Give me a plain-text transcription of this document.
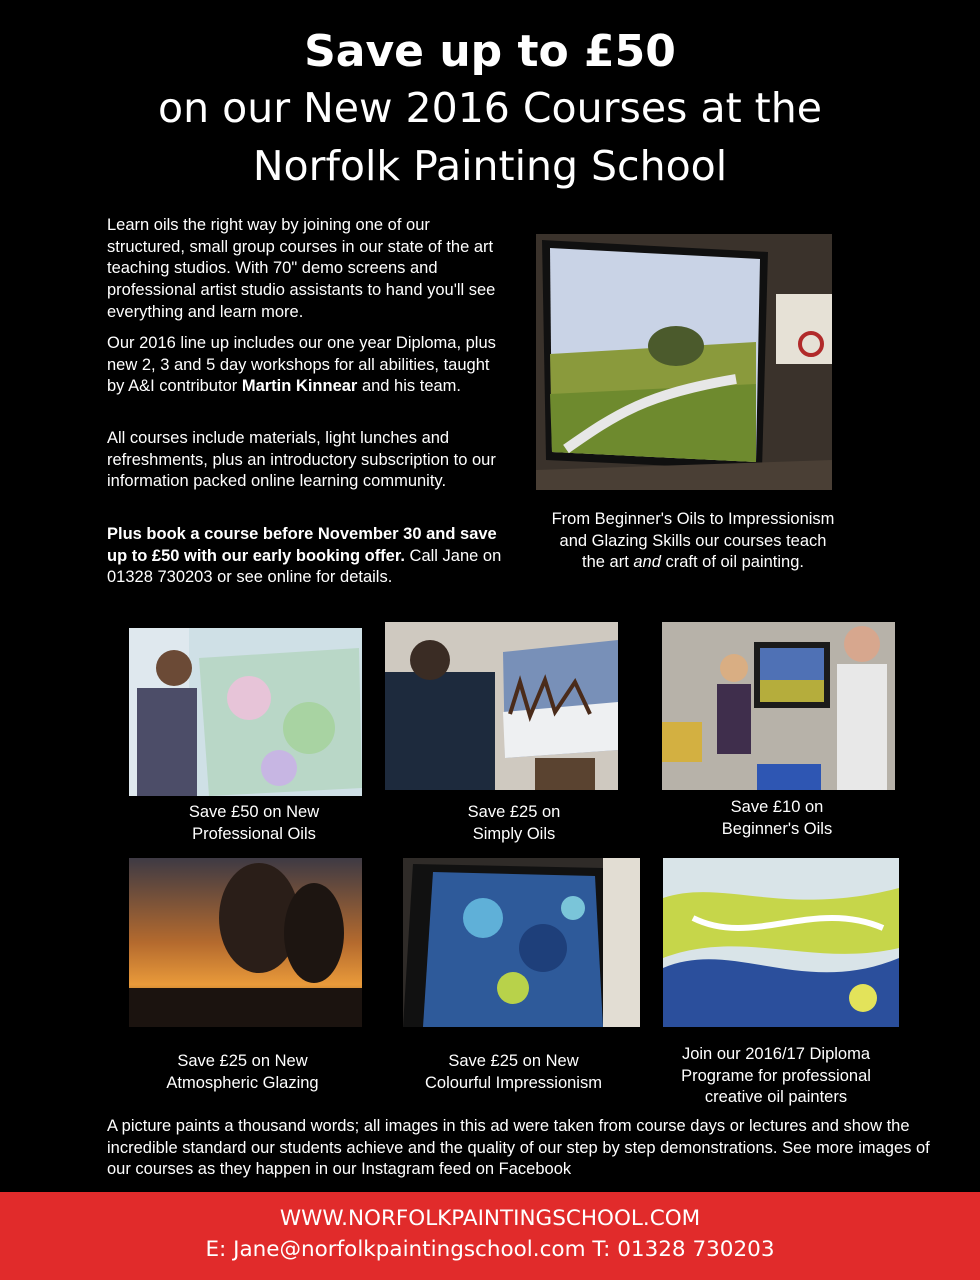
Save up to £50
on our New 2016 Courses at the
Norfolk Painting School

Learn oils the right way by joining one of our structured, small group courses in our state of the art teaching studios. With 70" demo screens and professional artist studio assistants to hand you'll see everything and learn more.

Our 2016 line up includes our one year Diploma, plus new 2, 3 and 5 day workshops for all abilities, taught by A&I contributor Martin Kinnear and his team.

All courses include materials, light lunches and refreshments, plus an introductory subscription to our information packed online learning community.

Plus book a course before November 30 and save up to £50 with our early booking offer. Call Jane on 01328 730203 or see online for details.

From Beginner's Oils to Impressionism
and Glazing Skills our courses teach
the art and craft of oil painting.
Save £50 on New
Professional Oils
Save £25 on
Simply Oils
Save £10 on
Beginner's Oils
Save £25 on New
Atmospheric Glazing
Save £25 on New
Colourful Impressionism
Join our 2016/17 Diploma
Programe for professional
creative oil painters
A picture paints a thousand words; all images in this ad were taken from course days or lectures and show the incredible standard our students achieve and the quality of our step by step demonstrations. See more images of our courses as they happen in our Instagram feed on Facebook
WWW.NORFOLKPAINTINGSCHOOL.COM
E: Jane@norfolkpaintingschool.com T: 01328 730203
